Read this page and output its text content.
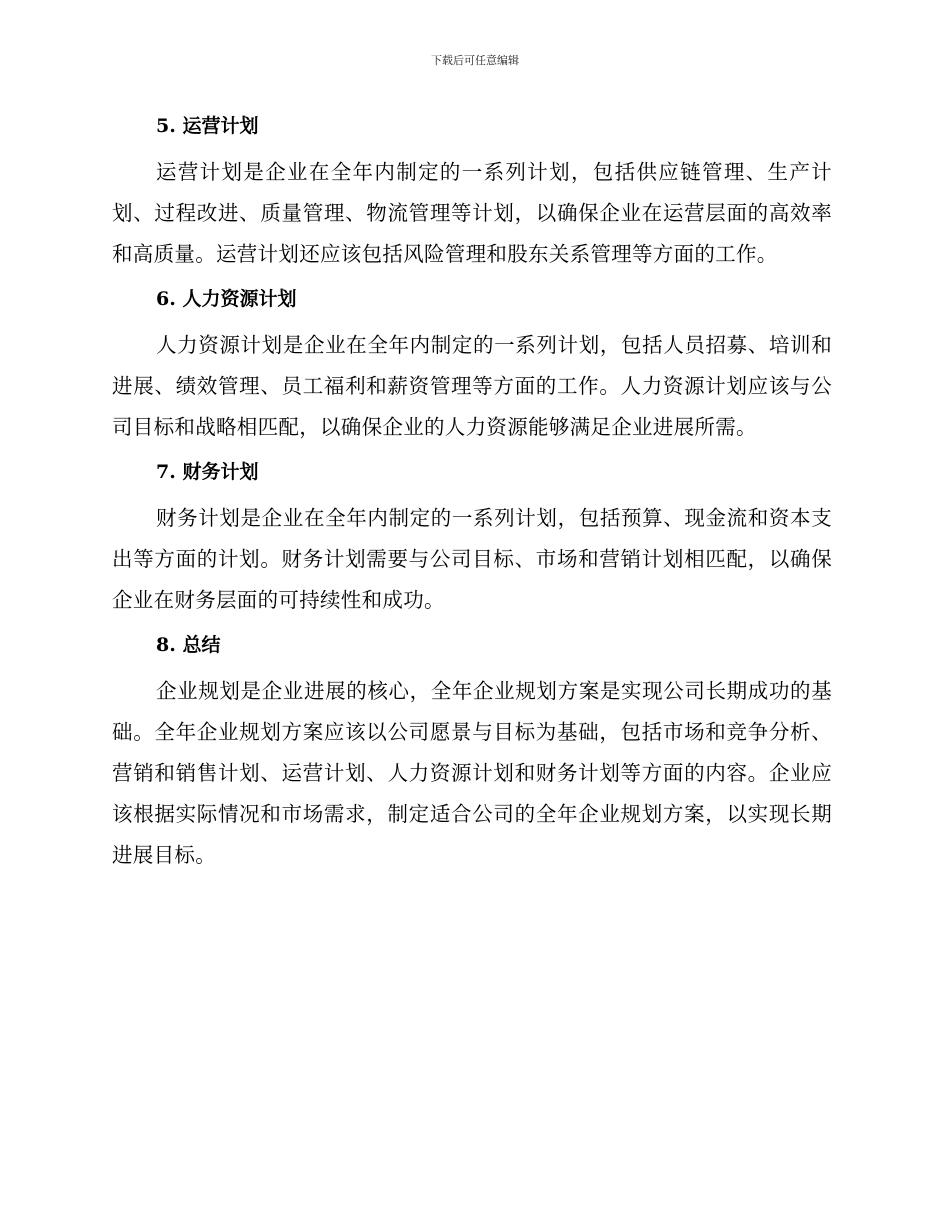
下载后可任意编辑
5. 运营计划

运营计划是企业在全年内制定的一系列计划，包括供应链管理、生产计划、过程改进、质量管理、物流管理等计划，以确保企业在运营层面的高效率和高质量。运营计划还应该包括风险管理和股东关系管理等方面的工作。

6. 人力资源计划

人力资源计划是企业在全年内制定的一系列计划，包括人员招募、培训和进展、绩效管理、员工福利和薪资管理等方面的工作。人力资源计划应该与公司目标和战略相匹配，以确保企业的人力资源能够满足企业进展所需。

7. 财务计划

财务计划是企业在全年内制定的一系列计划，包括预算、现金流和资本支出等方面的计划。财务计划需要与公司目标、市场和营销计划相匹配，以确保企业在财务层面的可持续性和成功。

8. 总结

企业规划是企业进展的核心，全年企业规划方案是实现公司长期成功的基础。全年企业规划方案应该以公司愿景与目标为基础，包括市场和竞争分析、营销和销售计划、运营计划、人力资源计划和财务计划等方面的内容。企业应该根据实际情况和市场需求，制定适合公司的全年企业规划方案，以实现长期进展目标。
